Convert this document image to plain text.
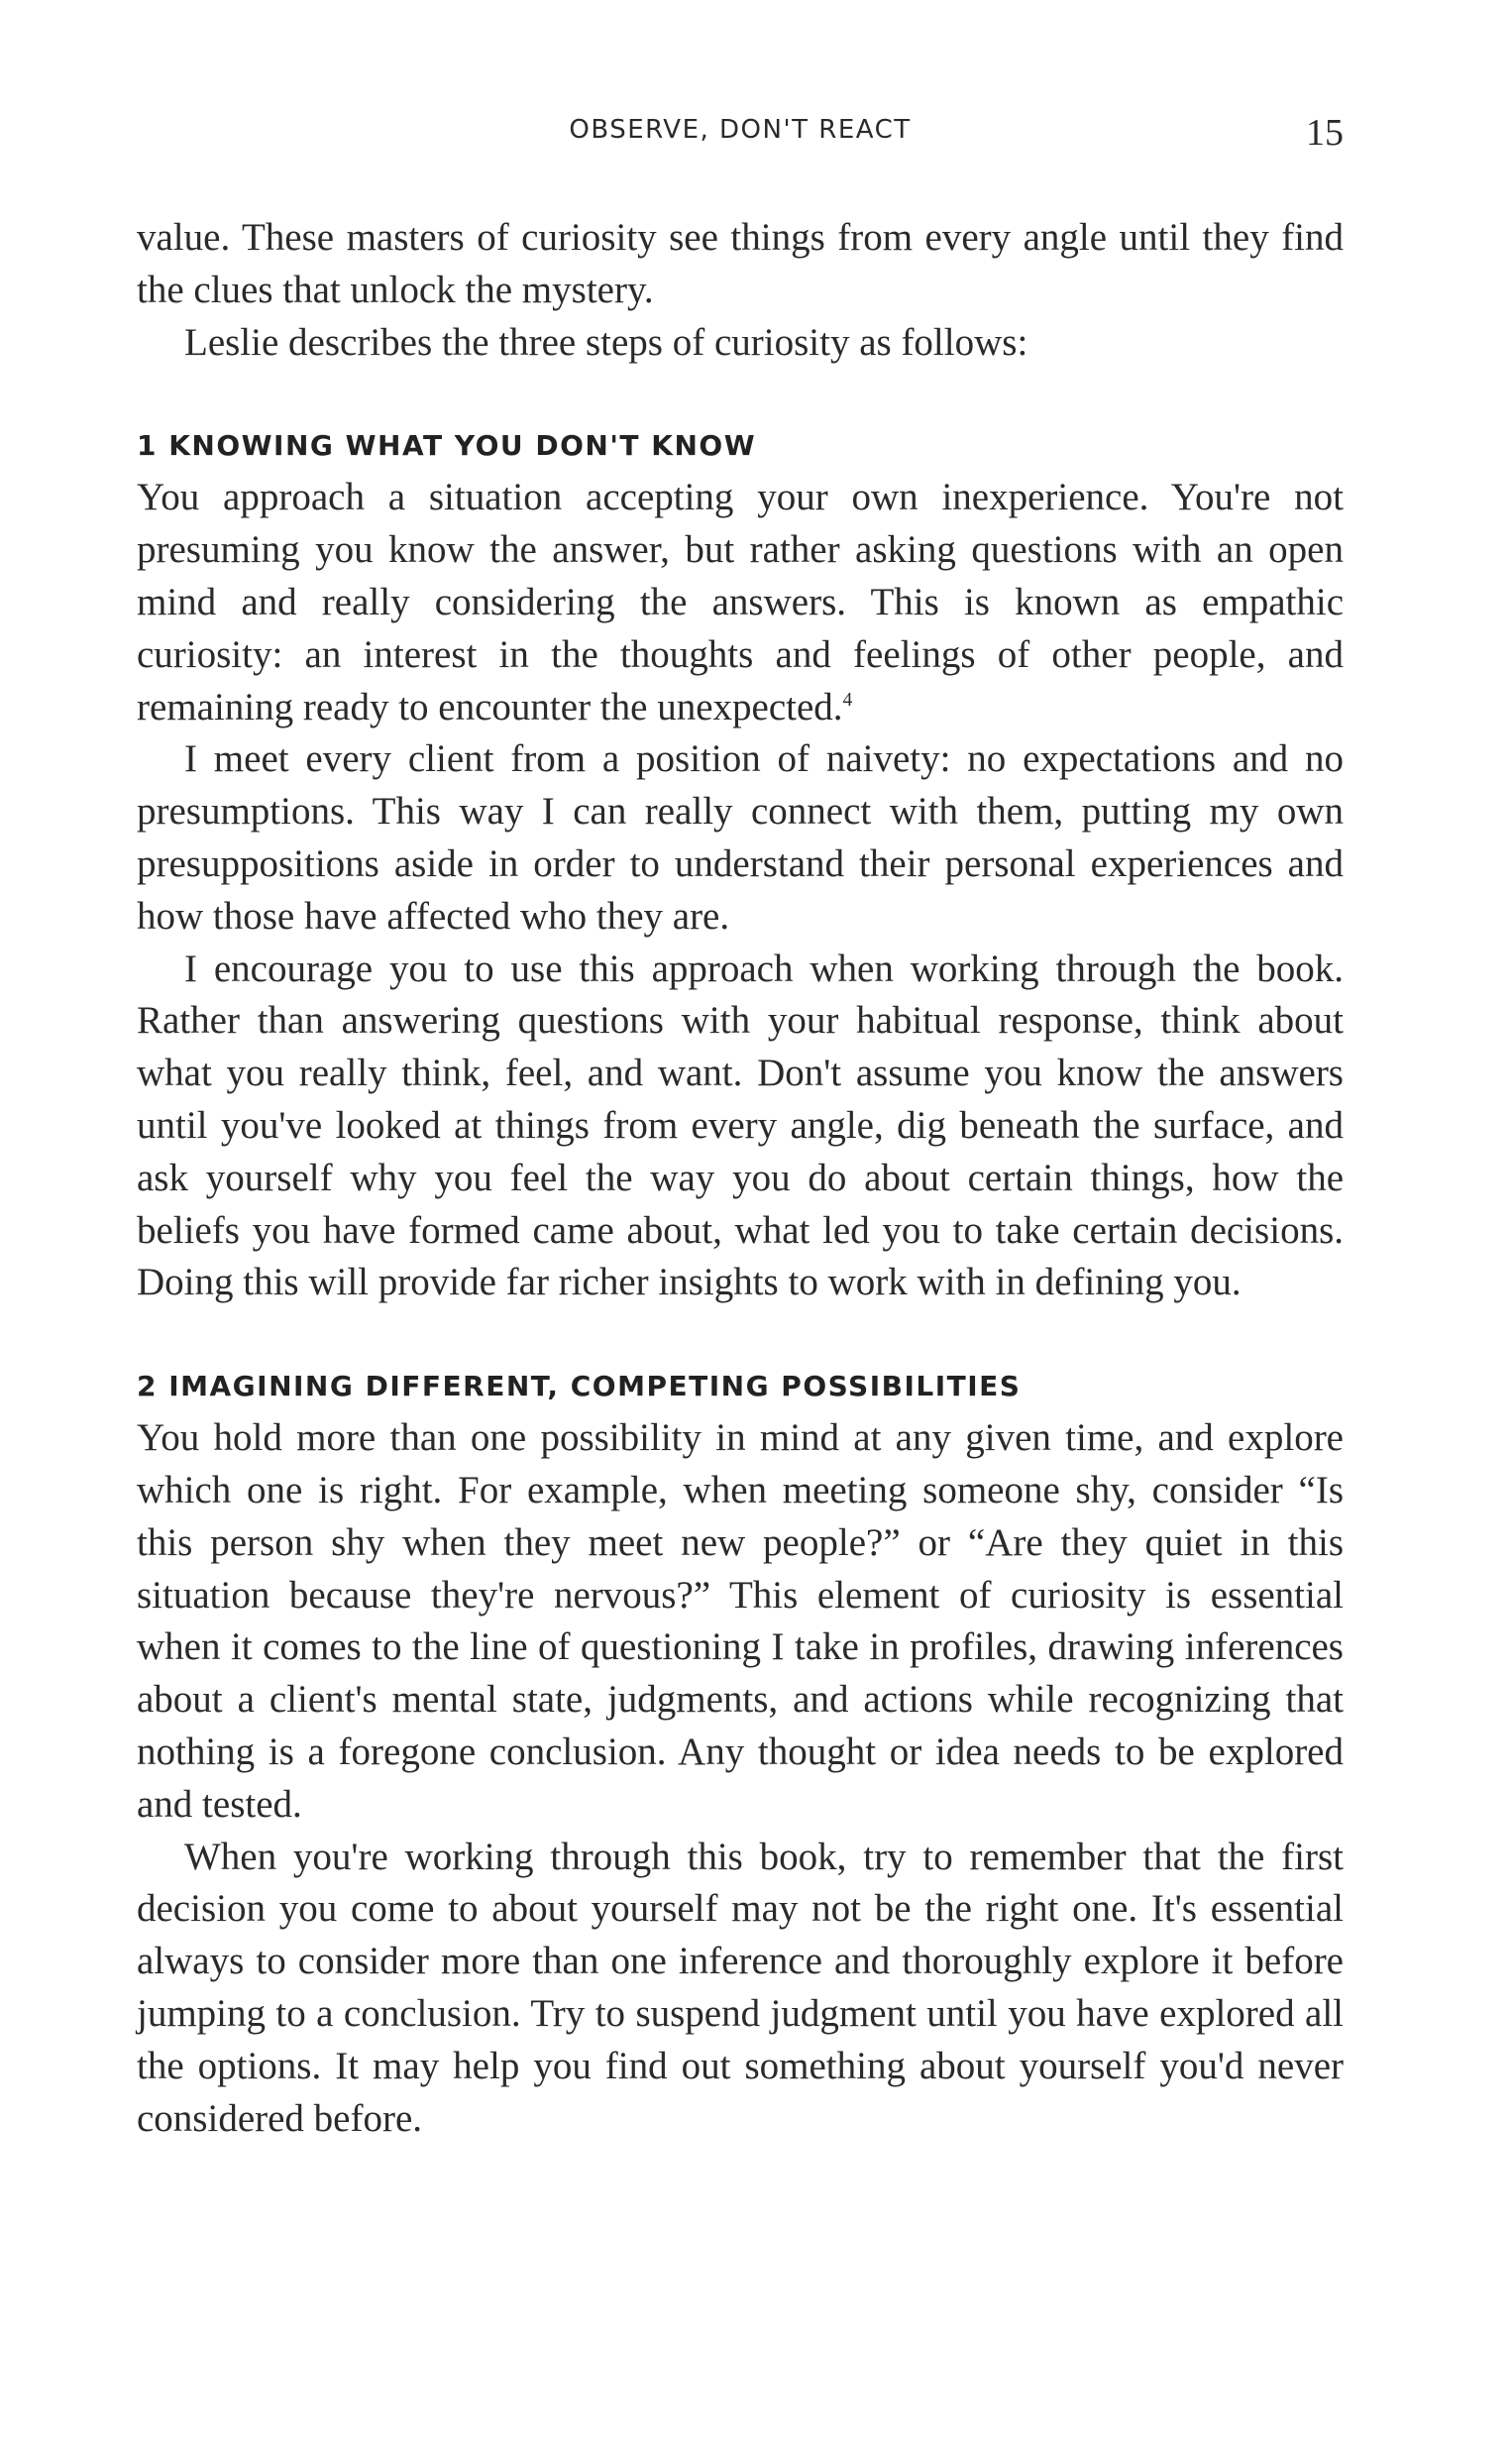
OBSERVE, DON'T REACT	15

value. These masters of curiosity see things from every angle until they find the clues that unlock the mystery.

Leslie describes the three steps of curiosity as follows:

1 KNOWING WHAT YOU DON'T KNOW

You approach a situation accepting your own inexperience. You're not presuming you know the answer, but rather asking questions with an open mind and really considering the answers. This is known as empathic curiosity: an interest in the thoughts and feelings of other people, and remaining ready to encounter the unexpected.$^4$

I meet every client from a position of naivety: no expectations and no presumptions. This way I can really connect with them, putting my own presuppositions aside in order to understand their personal experiences and how those have affected who they are.

I encourage you to use this approach when working through the book. Rather than answering questions with your habitual response, think about what you really think, feel, and want. Don't assume you know the answers until you've looked at things from every angle, dig beneath the surface, and ask yourself why you feel the way you do about certain things, how the beliefs you have formed came about, what led you to take certain decisions. Doing this will provide far richer insights to work with in defining you.

2 IMAGINING DIFFERENT, COMPETING POSSIBILITIES

You hold more than one possibility in mind at any given time, and explore which one is right. For example, when meeting someone shy, consider “Is this person shy when they meet new people?” or “Are they quiet in this situation because they're nervous?” This element of curiosity is essential when it comes to the line of questioning I take in profiles, drawing inferences about a client's mental state, judgments, and actions while recognizing that nothing is a foregone conclusion. Any thought or idea needs to be explored and tested.

When you're working through this book, try to remember that the first decision you come to about yourself may not be the right one. It's essential always to consider more than one inference and thoroughly explore it before jumping to a conclusion. Try to suspend judgment until you have explored all the options. It may help you find out something about yourself you'd never considered before.
